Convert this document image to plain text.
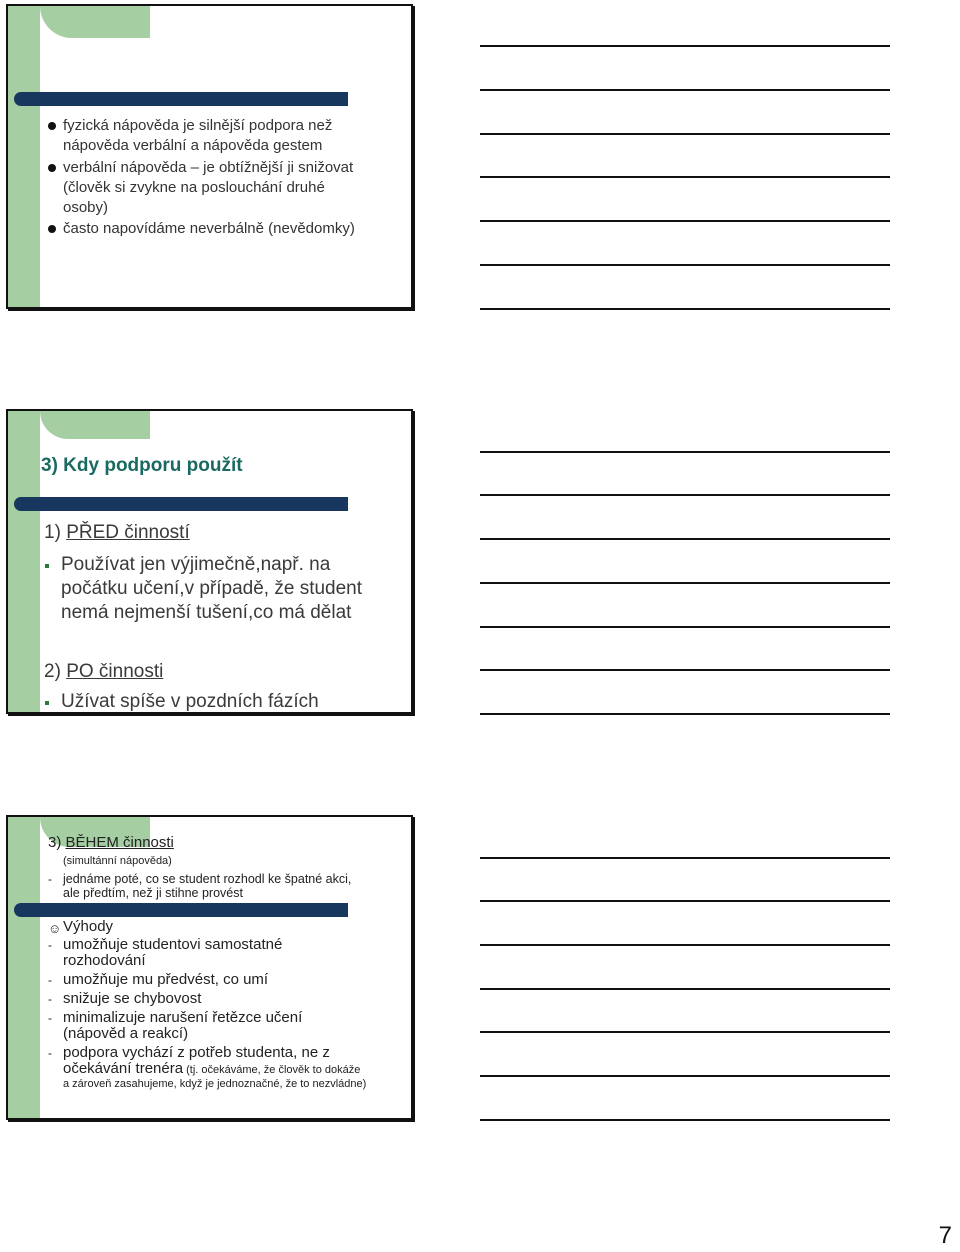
fyzická nápověda je silnější podpora než
nápověda verbální a nápověda gestem
verbální nápověda – je obtížnější ji snižovat
(člověk si zvykne na poslouchání druhé
osoby)
často napovídáme neverbálně (nevědomky)
3) Kdy podporu použít
1) PŘED činností
Používat jen výjimečně,např. na
počátku učení,v případě, že student
nemá nejmenší tušení,co má dělat
2) PO činnosti
Užívat spíše v pozdních fázích
3) BĚHEM činnosti
(simultánní nápověda)
- jednáme poté, co se student rozhodl ke špatné akci,
ale předtím, než ji stihne provést
☺ Výhody
- umožňuje studentovi samostatné
rozhodování
- umožňuje mu předvést, co umí
- snižuje se chybovost
- minimalizuje narušení řetězce učení
(nápověd a reakcí)
- podpora vychází z potřeb studenta, ne z
očekávání trenéra (tj. očekáváme, že člověk to dokáže
a zároveň zasahujeme, když je jednoznačné, že to nezvládne)
7
